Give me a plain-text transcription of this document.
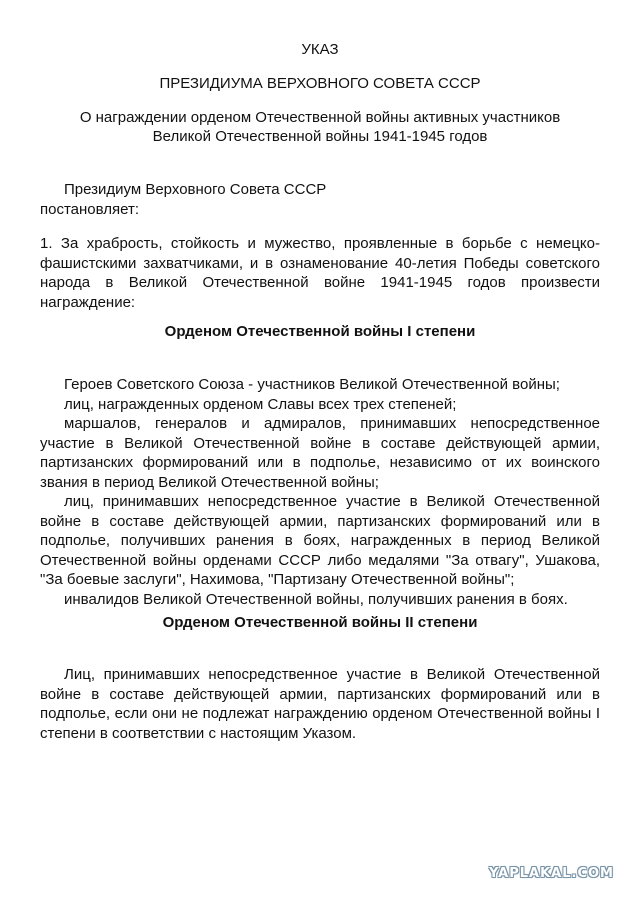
УКАЗ
ПРЕЗИДИУМА ВЕРХОВНОГО СОВЕТА СССР
О награждении орденом Отечественной войны активных участников
Великой Отечественной войны 1941-1945 годов
Президиум Верховного Совета СССР
постановляет:
1. За храбрость, стойкость и мужество, проявленные в борьбе с немецко-
фашистскими захватчиками, и в ознаменование 40-летия Победы советского
народа в Великой Отечественной войне 1941-1945 годов произвести
награждение:
Орденом Отечественной войны I степени
Героев Советского Союза - участников Великой Отечественной войны;
лиц, награжденных орденом Славы всех трех степеней;
маршалов, генералов и адмиралов, принимавших непосредственное
участие в Великой Отечественной войне в составе действующей армии,
партизанских формирований или в подполье, независимо от их воинского
звания в период Великой Отечественной войны;
лиц, принимавших непосредственное участие в Великой Отечественной
войне в составе действующей армии, партизанских формирований или в
подполье, получивших ранения в боях, награжденных в период Великой
Отечественной войны орденами СССР либо медалями "За отвагу", Ушакова,
"За боевые заслуги", Нахимова, "Партизану Отечественной войны";
инвалидов Великой Отечественной войны, получивших ранения в боях.
Орденом Отечественной войны II степени
Лиц, принимавших непосредственное участие в Великой Отечественной
войне в составе действующей армии, партизанских формирований или в
подполье, если они не подлежат награждению орденом Отечественной войны I
степени в соответствии с настоящим Указом.
YAPLAKAL.COM
